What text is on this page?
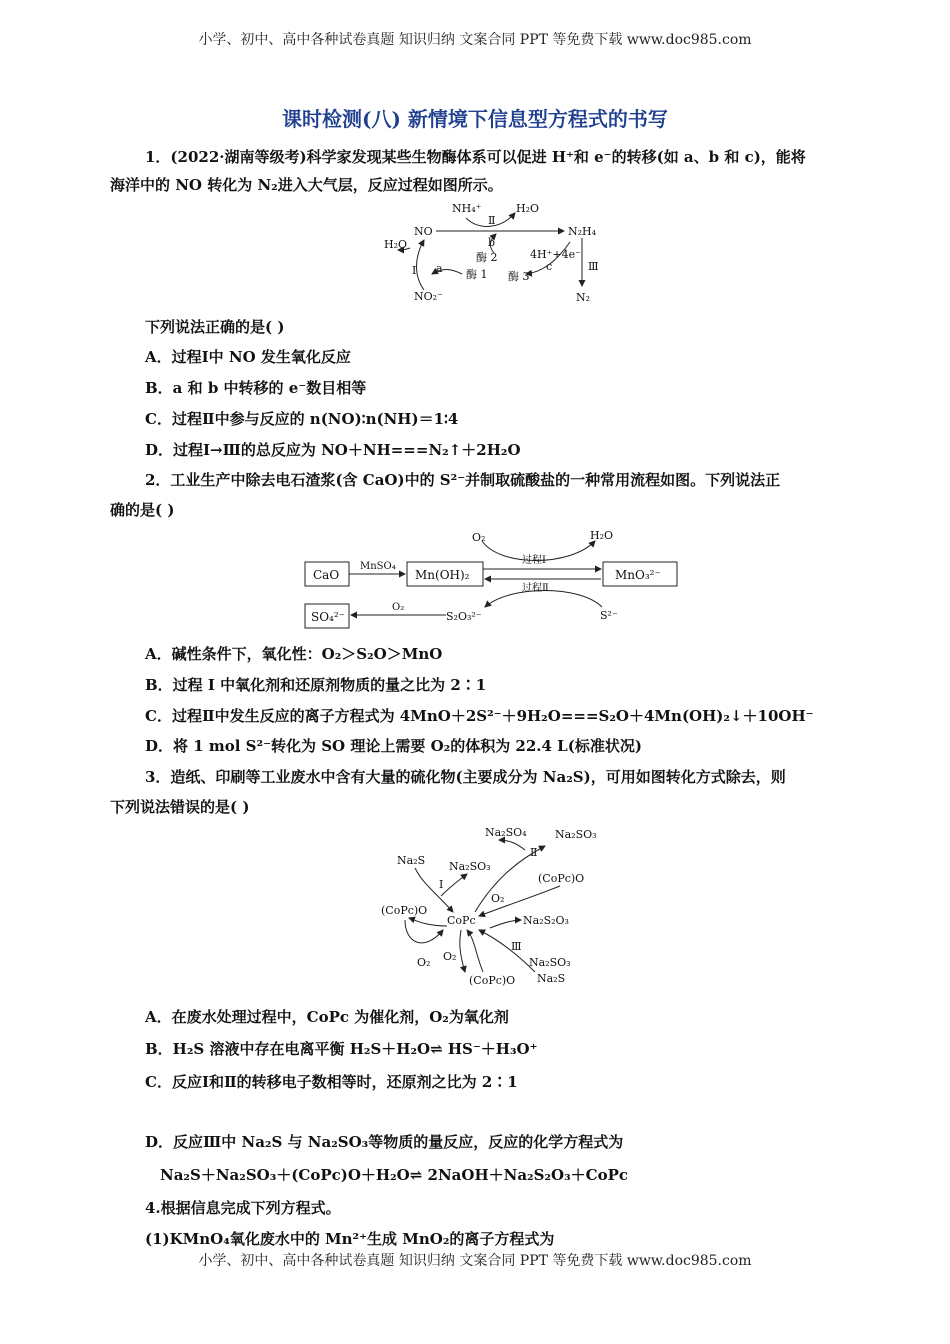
小学、初中、高中各种试卷真题 知识归纳 文案合同 PPT 等免费下载 www.doc985.com
课时检测(八) 新情境下信息型方程式的书写
1．(2022·湖南等级考)科学家发现某些生物酶体系可以促进 H⁺和 e⁻的转移(如 a、b 和 c)，能将
海洋中的 NO 转化为 N₂进入大气层，反应过程如图所示。
NH₄⁺
Ⅱ
H₂O
NO	N₂H₄
b
H₂O
酶 2	4H⁺+4e⁻
c	Ⅲ
Ⅰ a 酶 1 酶 3
NO₂⁻	N₂
下列说法正确的是( )
A．过程Ⅰ中 NO 发生氧化反应
B．a 和 b 中转移的 e⁻数目相等
C．过程Ⅱ中参与反应的 n(NO)∶n(NH)＝1∶4
D．过程Ⅰ→Ⅲ的总反应为 NO＋NH===N₂↑＋2H₂O
2．工业生产中除去电石渣浆(含 CaO)中的 S²⁻并制取硫酸盐的一种常用流程如图。下列说法正
确的是( )
CaO
MnSO₄
Mn(OH)₂	MnO₃²⁻
O₂	H₂O
过程Ⅰ
过程Ⅱ
SO₄²⁻
O₂
S₂O₃²⁻	S²⁻
A．碱性条件下，氧化性：O₂＞S₂O＞MnO
B．过程 Ⅰ 中氧化剂和还原剂物质的量之比为 2∶1
C．过程Ⅱ中发生反应的离子方程式为 4MnO＋2S²⁻＋9H₂O===S₂O＋4Mn(OH)₂↓＋10OH⁻
D．将 1 mol S²⁻转化为 SO 理论上需要 O₂的体积为 22.4 L(标准状况)
3．造纸、印刷等工业废水中含有大量的硫化物(主要成分为 Na₂S)，可用如图转化方式除去，则
下列说法错误的是( )
Na₂SO₄	Na₂SO₃
Ⅱ
Na₂S Na₂SO₃
Ⅰ	(CoPc)O
O₂
(CoPc)O
CoPc	Na₂S₂O₃
Ⅲ
O₂ O₂
(CoPc)O
Na₂SO₃
Na₂S
A．在废水处理过程中，CoPc 为催化剂，O₂为氧化剂
B．H₂S 溶液中存在电离平衡 H₂S＋H₂O⇌ HS⁻＋H₃O⁺
C．反应Ⅰ和Ⅱ的转移电子数相等时，还原剂之比为 2∶1
D．反应Ⅲ中 Na₂S 与 Na₂SO₃等物质的量反应，反应的化学方程式为
Na₂S＋Na₂SO₃＋(CoPc)O＋H₂O⇌ 2NaOH＋Na₂S₂O₃＋CoPc
4.根据信息完成下列方程式。
(1)KMnO₄氧化废水中的 Mn²⁺生成 MnO₂的离子方程式为
小学、初中、高中各种试卷真题 知识归纳 文案合同 PPT 等免费下载 www.doc985.com
